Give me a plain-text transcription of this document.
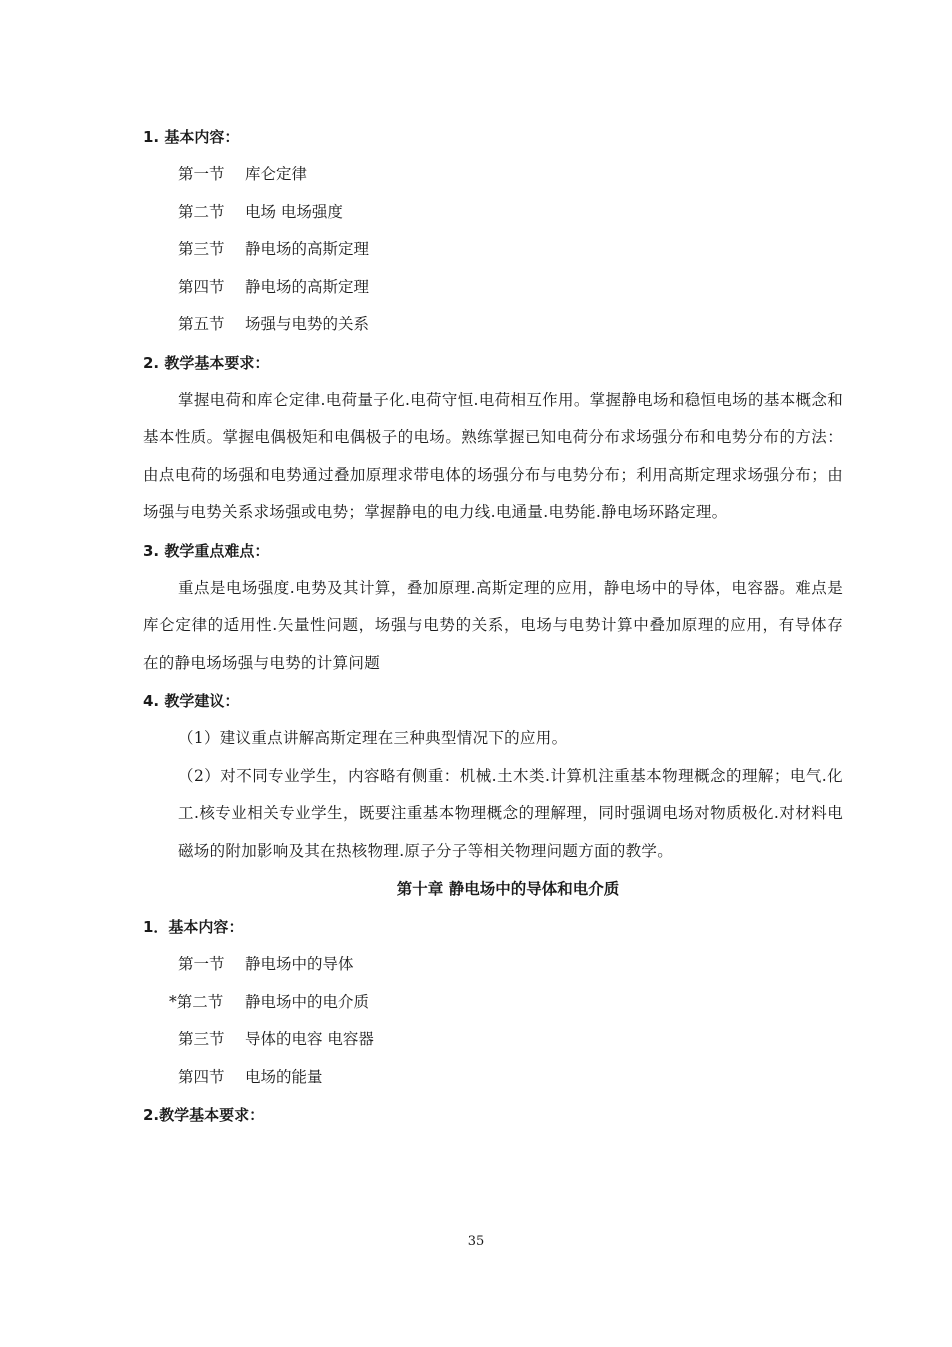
1. 基本内容：
第一节 库仑定律
第二节 电场 电场强度
第三节 静电场的高斯定理
第四节 静电场的高斯定理
第五节 场强与电势的关系
2. 教学基本要求：

掌握电荷和库仑定律.电荷量子化.电荷守恒.电荷相互作用。掌握静电场和稳恒电场的基本概念和基本性质。掌握电偶极矩和电偶极子的电场。熟练掌握已知电荷分布求场强分布和电势分布的方法：由点电荷的场强和电势通过叠加原理求带电体的场强分布与电势分布；利用高斯定理求场强分布；由场强与电势关系求场强或电势；掌握静电的电力线.电通量.电势能.静电场环路定理。

3. 教学重点难点：

重点是电场强度.电势及其计算，叠加原理.高斯定理的应用，静电场中的导体，电容器。难点是库仑定律的适用性.矢量性问题，场强与电势的关系，电场与电势计算中叠加原理的应用，有导体存在的静电场场强与电势的计算问题

4. 教学建议：

（1）建议重点讲解高斯定理在三种典型情况下的应用。

（2）对不同专业学生，内容略有侧重：机械.土木类.计算机注重基本物理概念的理解；电气.化工.核专业相关专业学生，既要注重基本物理概念的理解理，同时强调电场对物质极化.对材料电磁场的附加影响及其在热核物理.原子分子等相关物理问题方面的教学。

第十章 静电场中的导体和电介质
1．基本内容：
第一节 静电场中的导体
*第二节 静电场中的电介质
第三节 导体的电容 电容器
第四节 电场的能量
2.教学基本要求：
35
